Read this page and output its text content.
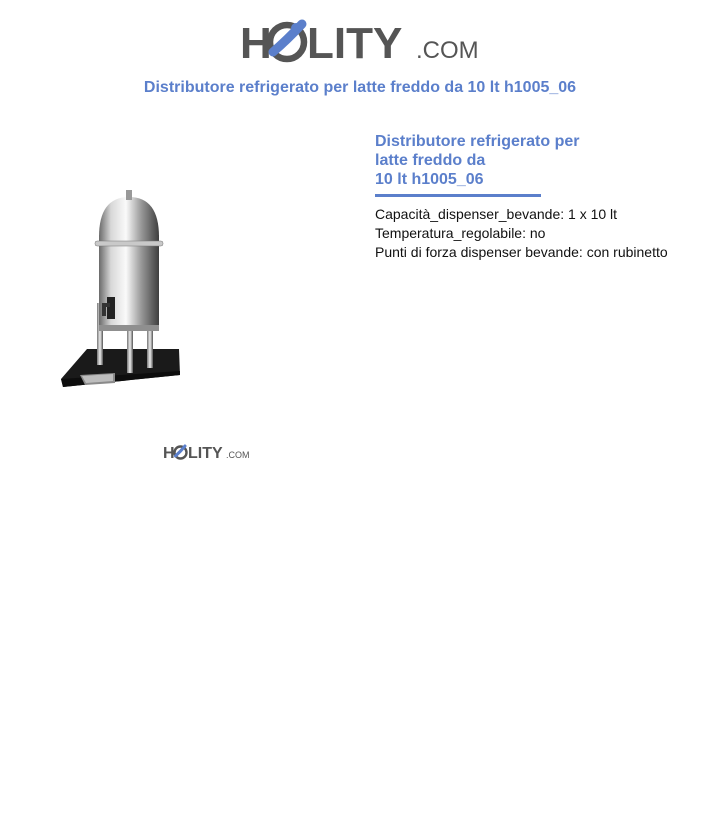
H LITY .COM
Distributore refrigerato per latte freddo da 10 lt h1005_06
H LITY .COM
Distributore refrigerato per
latte freddo da
10 lt h1005_06
Capacità_dispenser_bevande: 1 x 10 lt
Temperatura_regolabile: no
Punti di forza dispenser bevande: con rubinetto
